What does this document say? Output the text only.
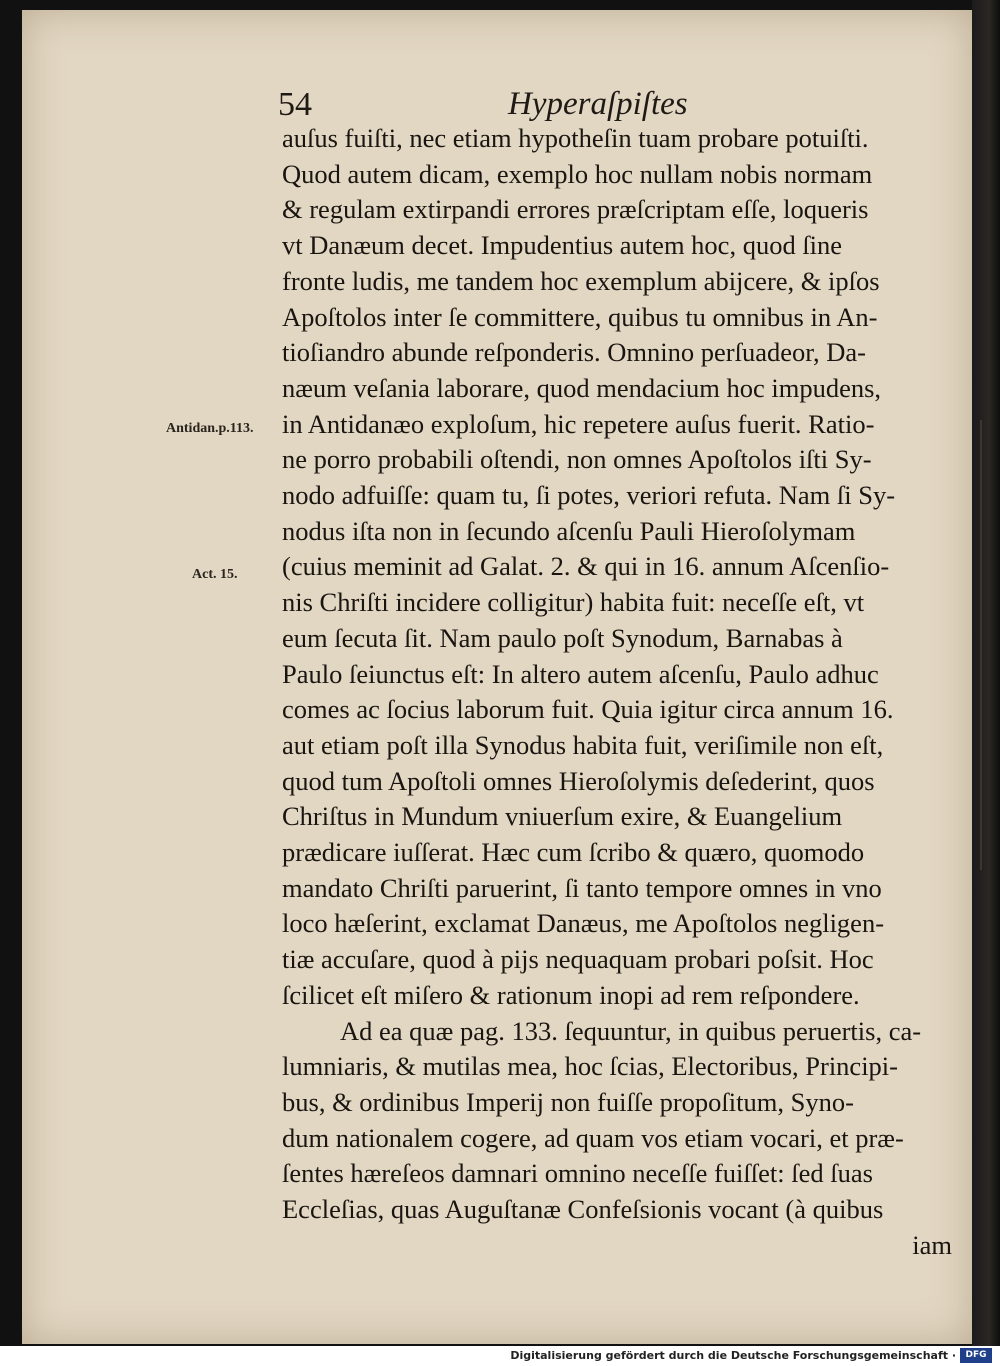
54	Hyperaſpiſtes
Antidan.p.113.
Act. 15.
auſus fuiſti, nec etiam hypotheſin tuam probare potuiſti.
Quod autem dicam, exemplo hoc nullam nobis normam
& regulam extirpandi errores præſcriptam eſſe, loqueris
vt Danæum decet. Impudentius autem hoc, quod ſine
fronte ludis, me tandem hoc exemplum abijcere, & ipſos
Apoſtolos inter ſe committere, quibus tu omnibus in An-
tioſiandro abunde reſponderis. Omnino perſuadeor, Da-
næum veſania laborare, quod mendacium hoc impudens,
in Antidanæo exploſum, hic repetere auſus fuerit. Ratio-
ne porro probabili oſtendi, non omnes Apoſtolos iſti Sy-
nodo adfuiſſe: quam tu, ſi potes, veriori refuta. Nam ſi Sy-
nodus iſta non in ſecundo aſcenſu Pauli Hieroſolymam
(cuius meminit ad Galat. 2. & qui in 16. annum Aſcenſio-
nis Chriſti incidere colligitur) habita fuit: neceſſe eſt, vt
eum ſecuta ſit. Nam paulo poſt Synodum, Barnabas à
Paulo ſeiunctus eſt: In altero autem aſcenſu, Paulo adhuc
comes ac ſocius laborum fuit. Quia igitur circa annum 16.
aut etiam poſt illa Synodus habita fuit, veriſimile non eſt,
quod tum Apoſtoli omnes Hieroſolymis deſederint, quos
Chriſtus in Mundum vniuerſum exire, & Euangelium
prædicare iuſſerat. Hæc cum ſcribo & quæro, quomodo
mandato Chriſti paruerint, ſi tanto tempore omnes in vno
loco hæſerint, exclamat Danæus, me Apoſtolos negligen-
tiæ accuſare, quod à pijs nequaquam probari poſsit. Hoc
ſcilicet eſt miſero & rationum inopi ad rem reſpondere.
Ad ea quæ pag. 133. ſequuntur, in quibus peruertis, ca-
lumniaris, & mutilas mea, hoc ſcias, Electoribus, Principi-
bus, & ordinibus Imperij non fuiſſe propoſitum, Syno-
dum nationalem cogere, ad quam vos etiam vocari, et præ-
ſentes hæreſeos damnari omnino neceſſe fuiſſet: ſed ſuas
Eccleſias, quas Auguſtanæ Confeſsionis vocant (à quibus
iam
Digitalisierung gefördert durch die Deutsche Forschungsgemeinschaft ·	DFG
